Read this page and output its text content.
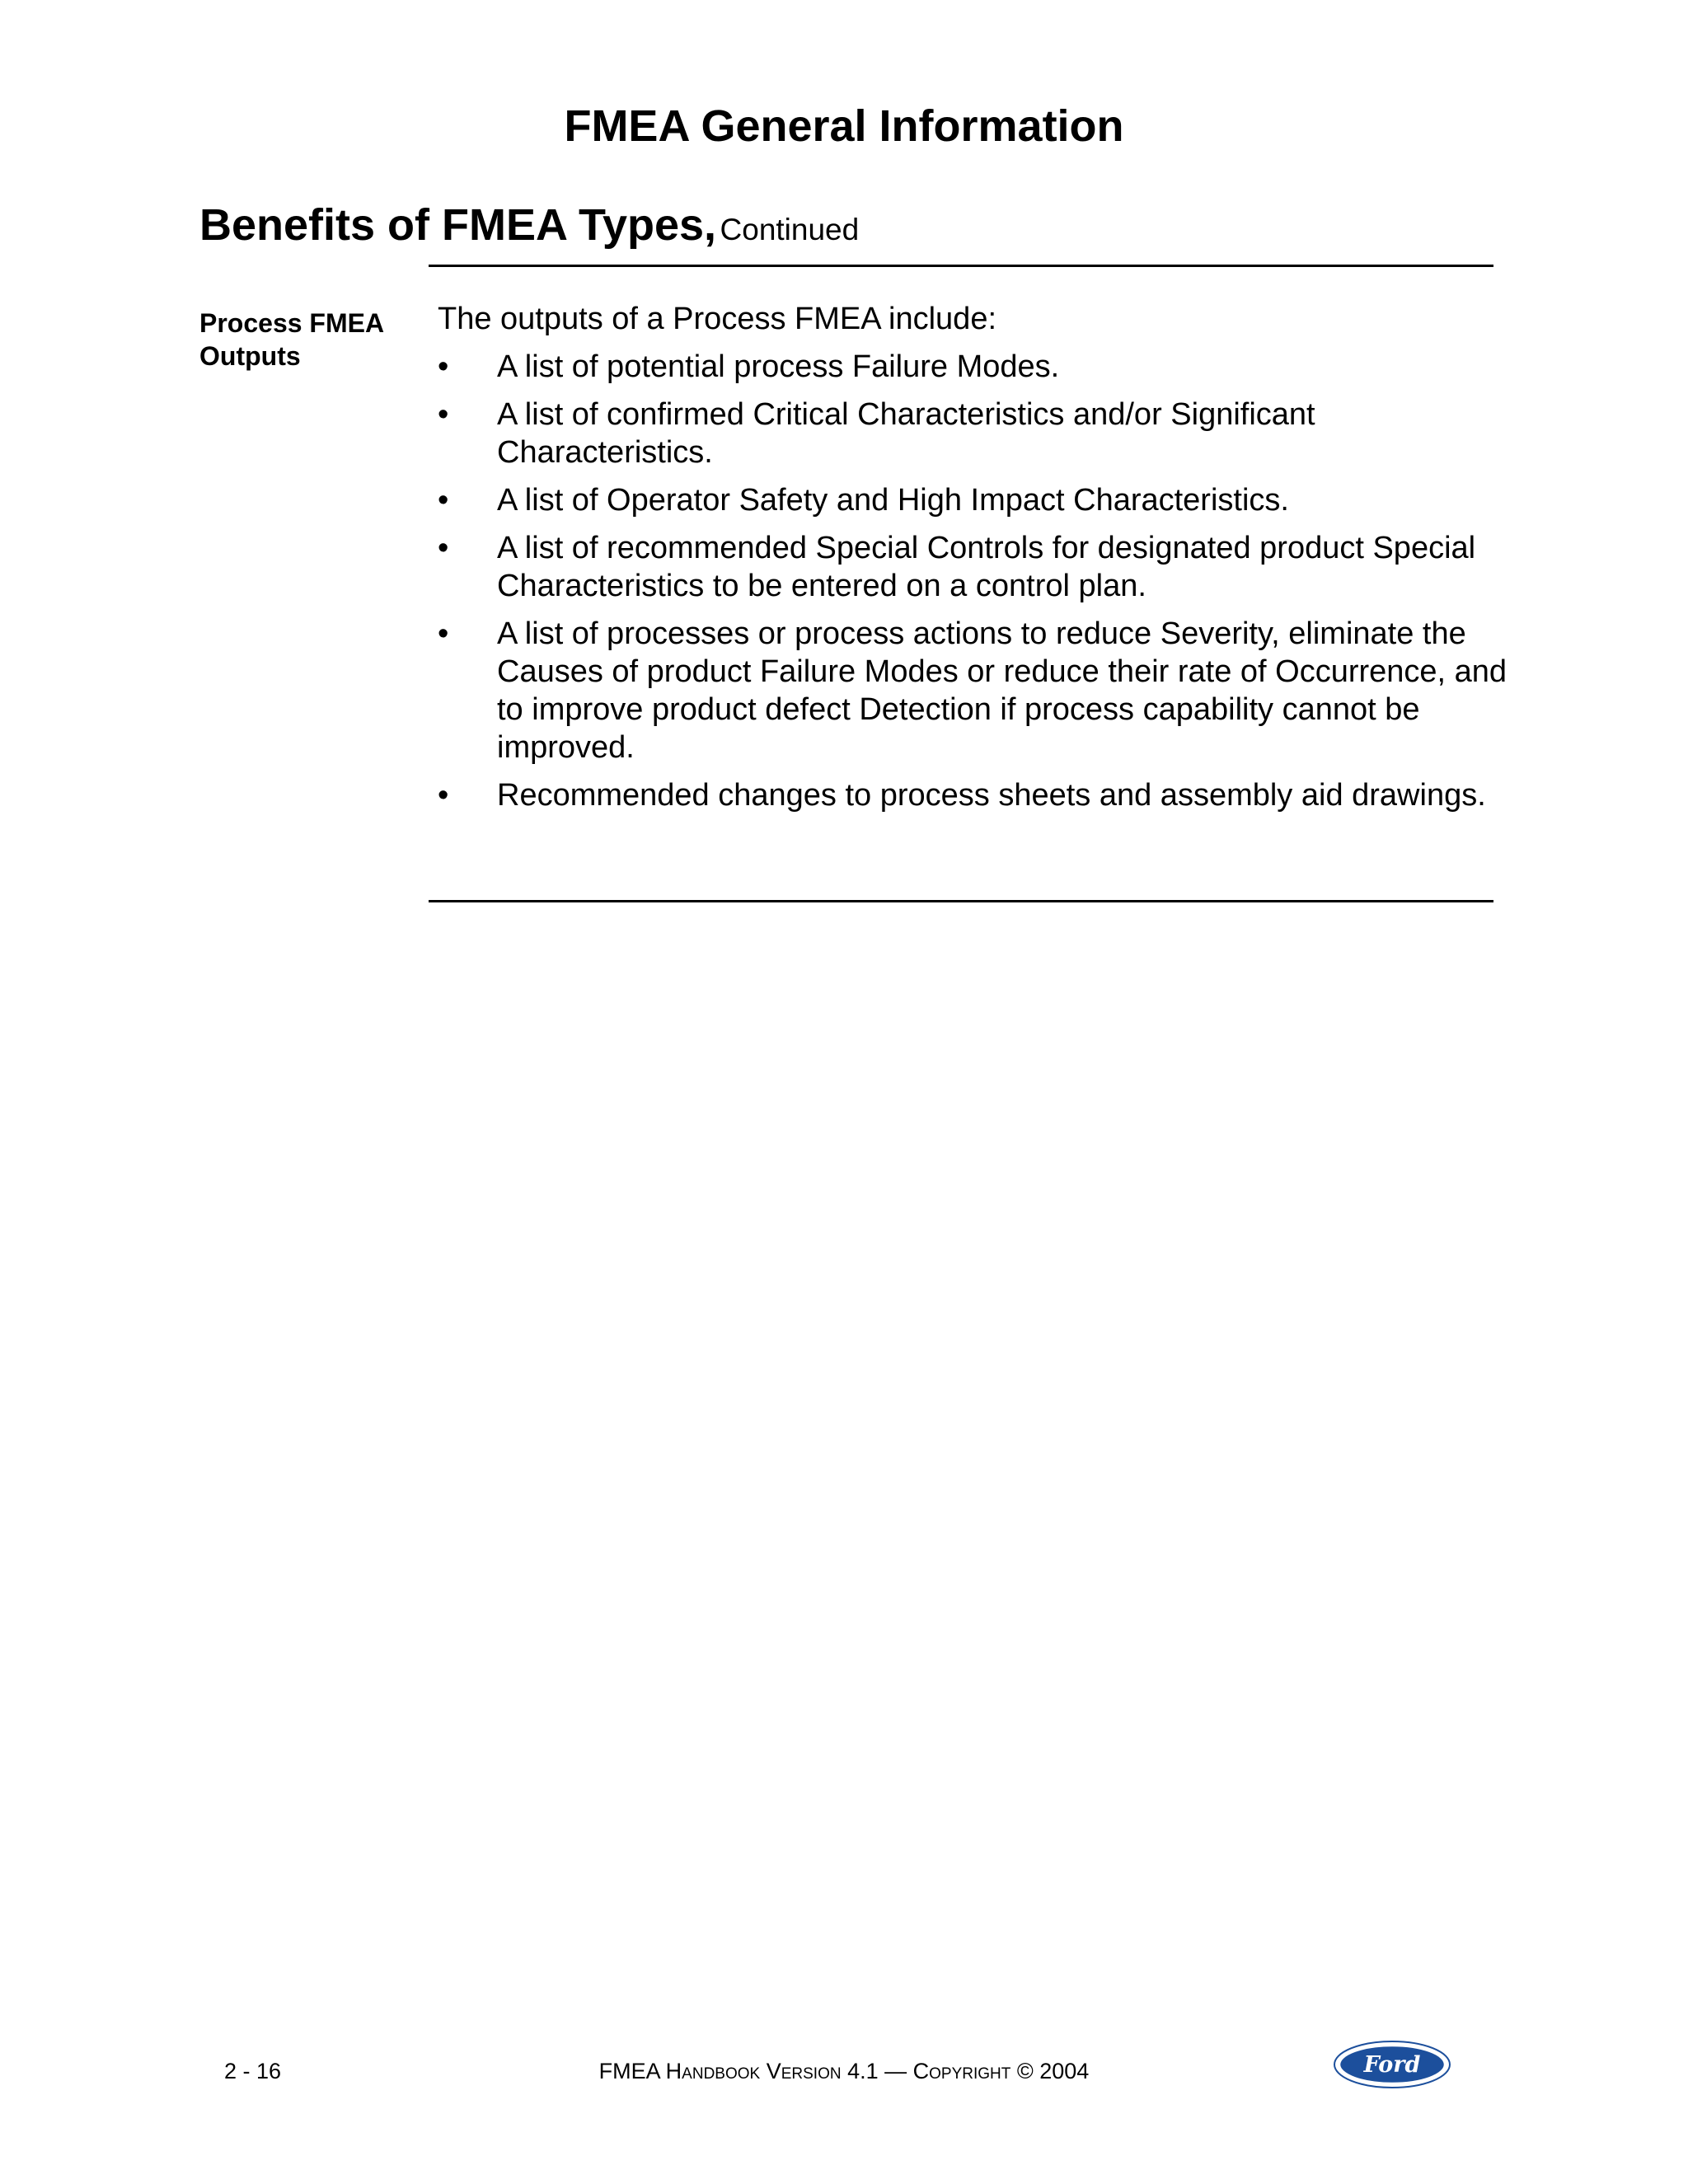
FMEA General Information
Benefits of FMEA Types, Continued
Process FMEA
Outputs

The outputs of a Process FMEA include:

•	A list of potential process Failure Modes.
•	A list of confirmed Critical Characteristics and/or Significant Characteristics.
•	A list of Operator Safety and High Impact Characteristics.
•	A list of recommended Special Controls for designated product Special Characteristics to be entered on a control plan.
•	A list of processes or process actions to reduce Severity, eliminate the Causes of product Failure Modes or reduce their rate of Occurrence, and to improve product defect Detection if process capability cannot be improved.
•	Recommended changes to process sheets and assembly aid drawings.
2 - 16	FMEA Handbook Version 4.1 — Copyright © 2004	Ford
